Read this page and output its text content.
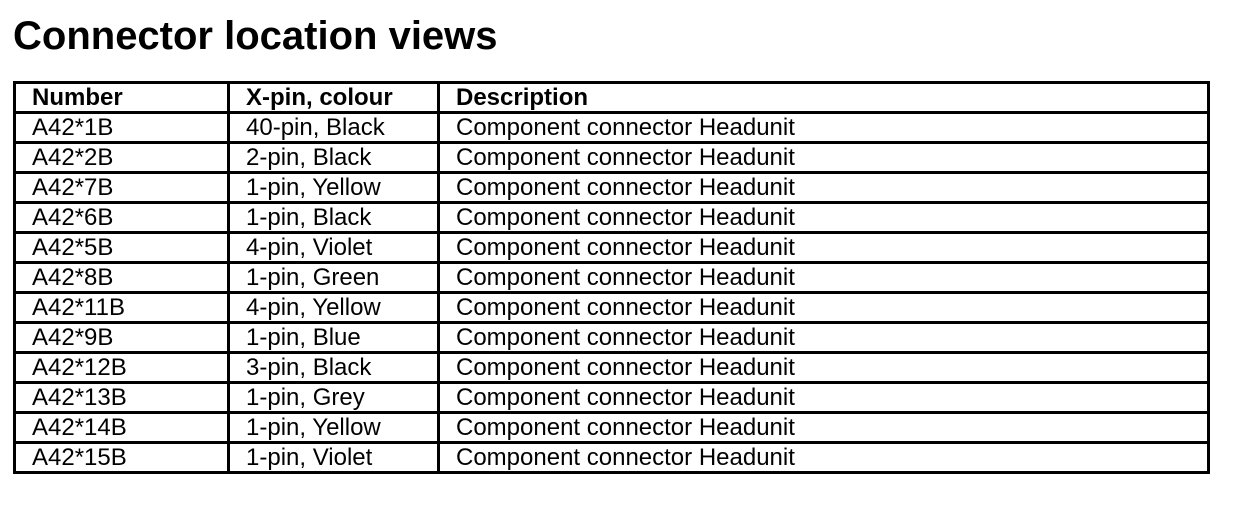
Connector location views
Number	X-pin, colour	Description
A42*1B	40-pin, Black	Component connector Headunit
A42*2B	2-pin, Black	Component connector Headunit
A42*7B	1-pin, Yellow	Component connector Headunit
A42*6B	1-pin, Black	Component connector Headunit
A42*5B	4-pin, Violet	Component connector Headunit
A42*8B	1-pin, Green	Component connector Headunit
A42*11B	4-pin, Yellow	Component connector Headunit
A42*9B	1-pin, Blue	Component connector Headunit
A42*12B	3-pin, Black	Component connector Headunit
A42*13B	1-pin, Grey	Component connector Headunit
A42*14B	1-pin, Yellow	Component connector Headunit
A42*15B	1-pin, Violet	Component connector Headunit
